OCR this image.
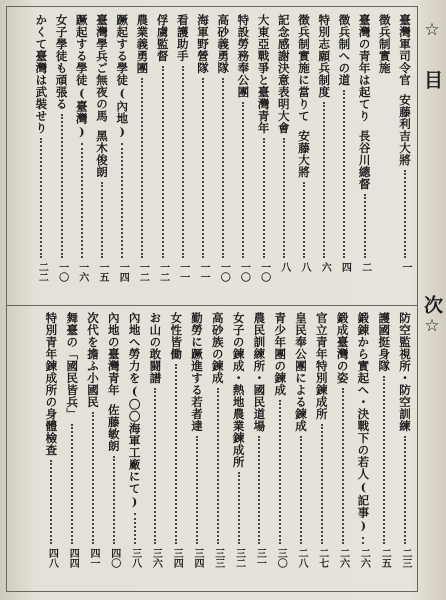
☆
目
次
☆
臺灣軍司令官安藤利吉大將
一
徴兵制實施
臺灣の青年は起てり長谷川總督
二
徴兵制への道
四
特別志願兵制度
六
徴兵制實施に當りて安藤大將
八
記念感謝決意表明大會
八
大東亞戰爭と臺灣青年
一〇
特設勞務奉公團
一〇
高砂義勇隊
一〇
海軍野營隊
一一
看護助手
一一
俘虜監督
一二
農業義勇團
一二
蹶起する學徒(內地)
一四
臺灣學兵ご無夜の馬黑木俊朗
一五
蹶起する學徒(臺灣)
一六
女子學徒も頑張る
一〇
かくて臺灣は武裝せり
二二
防空監視所・防空訓練
二三
護國挺身隊
二五
鍛錬から實起へ・決戰下の若人(記事)
二六
鍛成臺灣の姿
二六
官立青年特別鍊成所
二七
皇民奉公團による鍊成
二八
青少年團の鍊成
三〇
農民訓練所・國民道場
三一
女子の鍊成・熱地農業鍊成所
三二
高砂族の鍊成
三三
勤勞に蹶進する若者達
三四
女性皆働
三四
お山の敢闘譜
三六
內地へ勞力を(〇〇海軍工廠にて)
三八
內地の臺灣青年佐藤敏朗
四〇
次代を擔ふ小國民
四一
舞臺の「國民皆兵」
四四
特別青年鍊成所の身體檢査
四八
